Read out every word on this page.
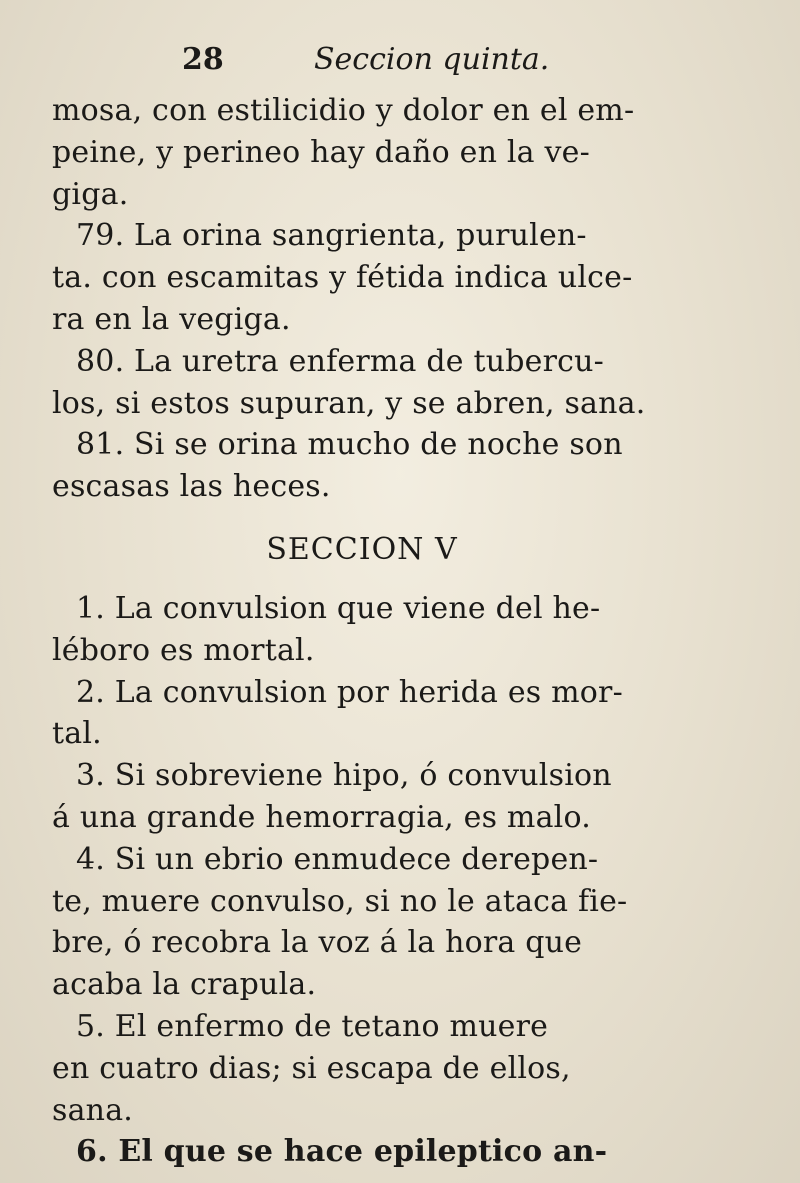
28	Seccion quinta.
mosa, con estilicidio y dolor en el em-
peine, y perineo hay daño en la ve-
giga.
79. La orina sangrienta, purulen-
ta. con escamitas y fétida indica ulce-
ra en la vegiga.
80. La uretra enferma de tubercu-
los, si estos supuran, y se abren, sana.
81. Si se orina mucho de noche son
escasas las heces.
SECCION V
1. La convulsion que viene del he-
léboro es mortal.
2. La convulsion por herida es mor-
tal.
3. Si sobreviene hipo, ó convulsion
á una grande hemorragia, es malo.
4. Si un ebrio enmudece derepen-
te, muere convulso, si no le ataca fie-
bre, ó recobra la voz á la hora que
acaba la crapula.
5. El enfermo de tetano muere
en cuatro dias; si escapa de ellos,
sana.
6. El que se hace epileptico an-
